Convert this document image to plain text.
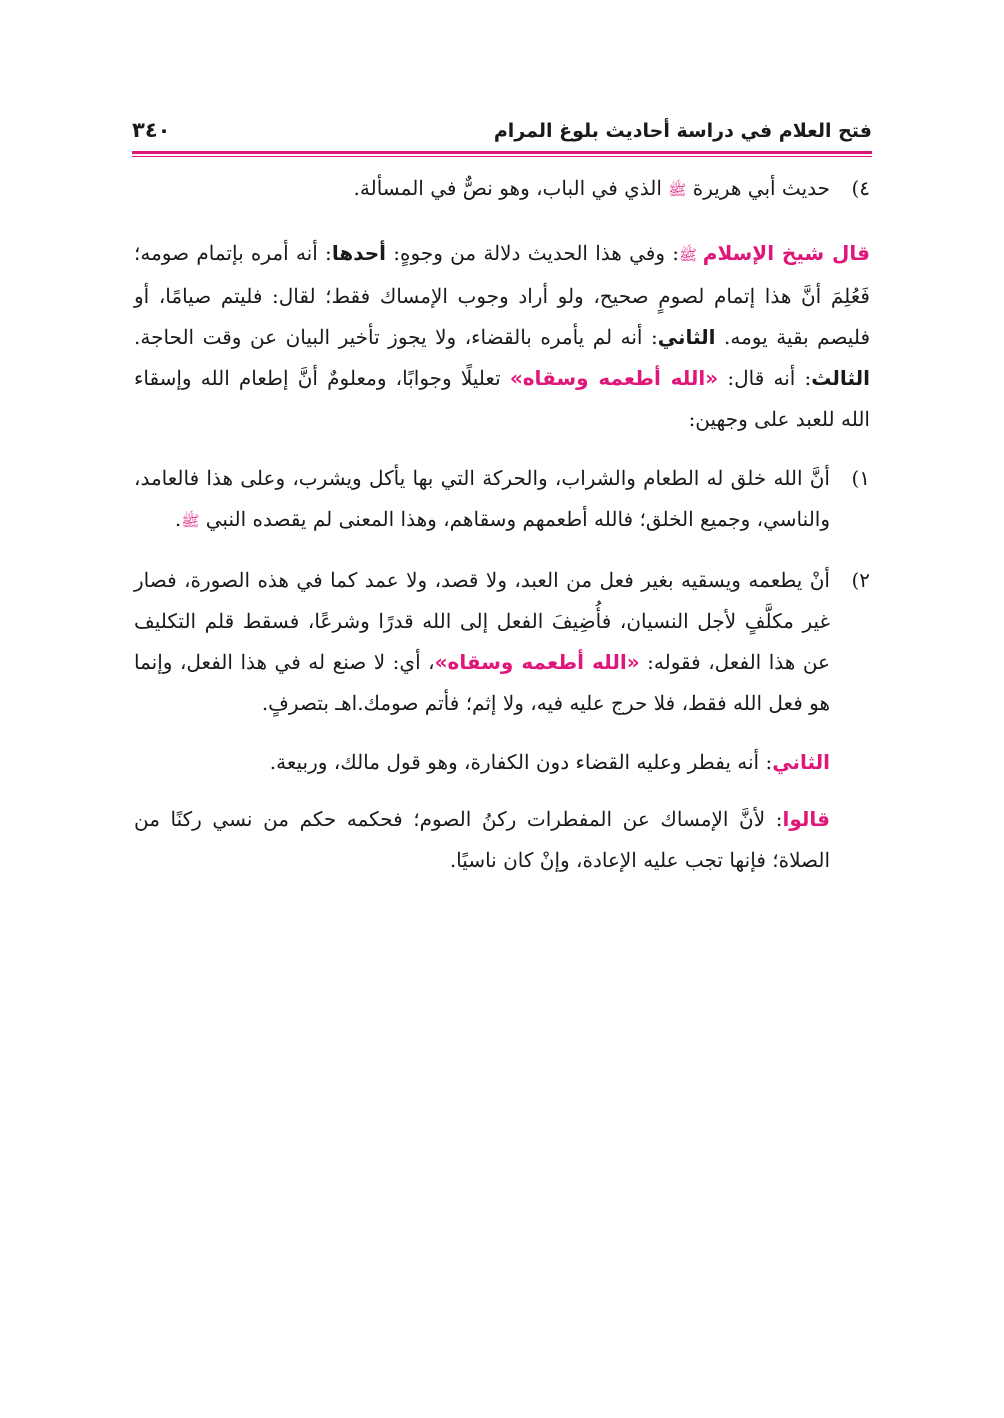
فتح العلام في دراسة أحاديث بلوغ المرام
٣٤٠

٤)
حديث أبي هريرة ﷺ الذي في الباب، وهو نصٌّ في المسألة.

قال شيخ الإسلام ﷺ: وفي هذا الحديث دلالة من وجوهٍ: أحدها: أنه أمره بإتمام صومه؛ فَعُلِمَ أنَّ هذا إتمام لصومٍ صحيح، ولو أراد وجوب الإمساك فقط؛ لقال: فليتم صيامًا، أو فليصم بقية يومه. الثاني: أنه لم يأمره بالقضاء، ولا يجوز تأخير البيان عن وقت الحاجة. الثالث: أنه قال: «الله أطعمه وسقاه» تعليلًا وجوابًا، ومعلومٌ أنَّ إطعام الله وإسقاء الله للعبد على وجهين:

١)
أنَّ الله خلق له الطعام والشراب، والحركة التي بها يأكل ويشرب، وعلى هذا فالعامد، والناسي، وجميع الخلق؛ فالله أطعمهم وسقاهم، وهذا المعنى لم يقصده النبي ﷺ.

٢)
أنْ يطعمه ويسقيه بغير فعل من العبد، ولا قصد، ولا عمد كما في هذه الصورة، فصار غير مكلَّفٍ لأجل النسيان، فأُضِيفَ الفعل إلى الله قدرًا وشرعًا، فسقط قلم التكليف عن هذا الفعل، فقوله: «الله أطعمه وسقاه»، أي: لا صنع له في هذا الفعل، وإنما هو فعل الله فقط، فلا حرج عليه فيه، ولا إثم؛ فأتم صومك.اهـ بتصرفٍ.

الثاني: أنه يفطر وعليه القضاء دون الكفارة، وهو قول مالك، وربيعة.

قالوا: لأنَّ الإمساك عن المفطرات ركنُ الصوم؛ فحكمه حكم من نسي ركنًا من الصلاة؛ فإنها تجب عليه الإعادة، وإنْ كان ناسيًا.
